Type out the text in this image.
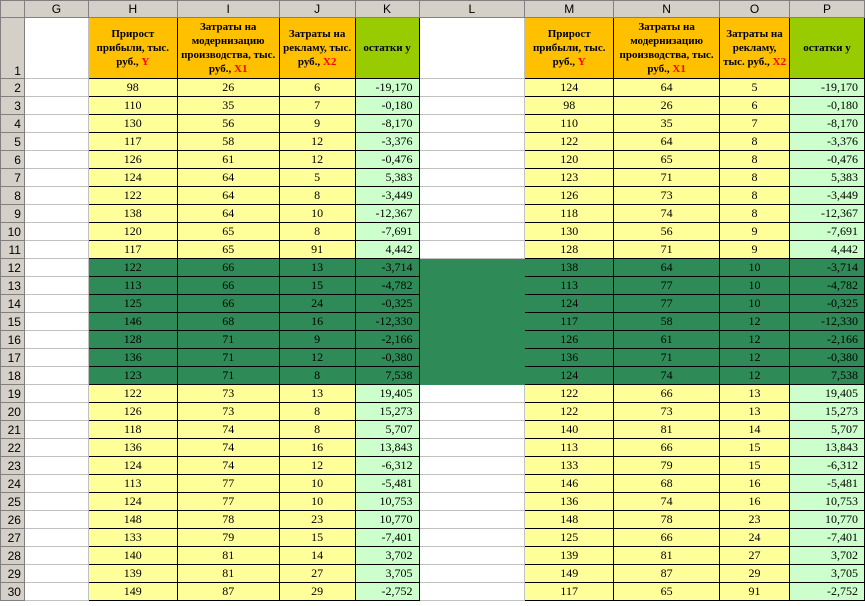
	G	H	I	J	K	L	M	N	O	P
1		Прирост прибыли, тыс. руб., Y	Затраты на модернизацию производства, тыс. руб., X1	Затраты на рекламу, тыс. руб., X2	остатки у		Прирост прибыли, тыс. руб., Y	Затраты на модернизацию производства, тыс. руб., X1	Затраты на рекламу, тыс. руб., X2	остатки у
2		98	26	6	-19,170		124	64	5	-19,170
3		110	35	7	-0,180		98	26	6	-0,180
4		130	56	9	-8,170		110	35	7	-8,170
5		117	58	12	-3,376		122	64	8	-3,376
6		126	61	12	-0,476		120	65	8	-0,476
7		124	64	5	5,383		123	71	8	5,383
8		122	64	8	-3,449		126	73	8	-3,449
9		138	64	10	-12,367		118	74	8	-12,367
10		120	65	8	-7,691		130	56	9	-7,691
11		117	65	91	4,442		128	71	9	4,442
12		122	66	13	-3,714		138	64	10	-3,714
13		113	66	15	-4,782		113	77	10	-4,782
14		125	66	24	-0,325		124	77	10	-0,325
15		146	68	16	-12,330		117	58	12	-12,330
16		128	71	9	-2,166		126	61	12	-2,166
17		136	71	12	-0,380		136	71	12	-0,380
18		123	71	8	7,538		124	74	12	7,538
19		122	73	13	19,405		122	66	13	19,405
20		126	73	8	15,273		122	73	13	15,273
21		118	74	8	5,707		140	81	14	5,707
22		136	74	16	13,843		113	66	15	13,843
23		124	74	12	-6,312		133	79	15	-6,312
24		113	77	10	-5,481		146	68	16	-5,481
25		124	77	10	10,753		136	74	16	10,753
26		148	78	23	10,770		148	78	23	10,770
27		133	79	15	-7,401		125	66	24	-7,401
28		140	81	14	3,702		139	81	27	3,702
29		139	81	27	3,705		149	87	29	3,705
30		149	87	29	-2,752		117	65	91	-2,752
